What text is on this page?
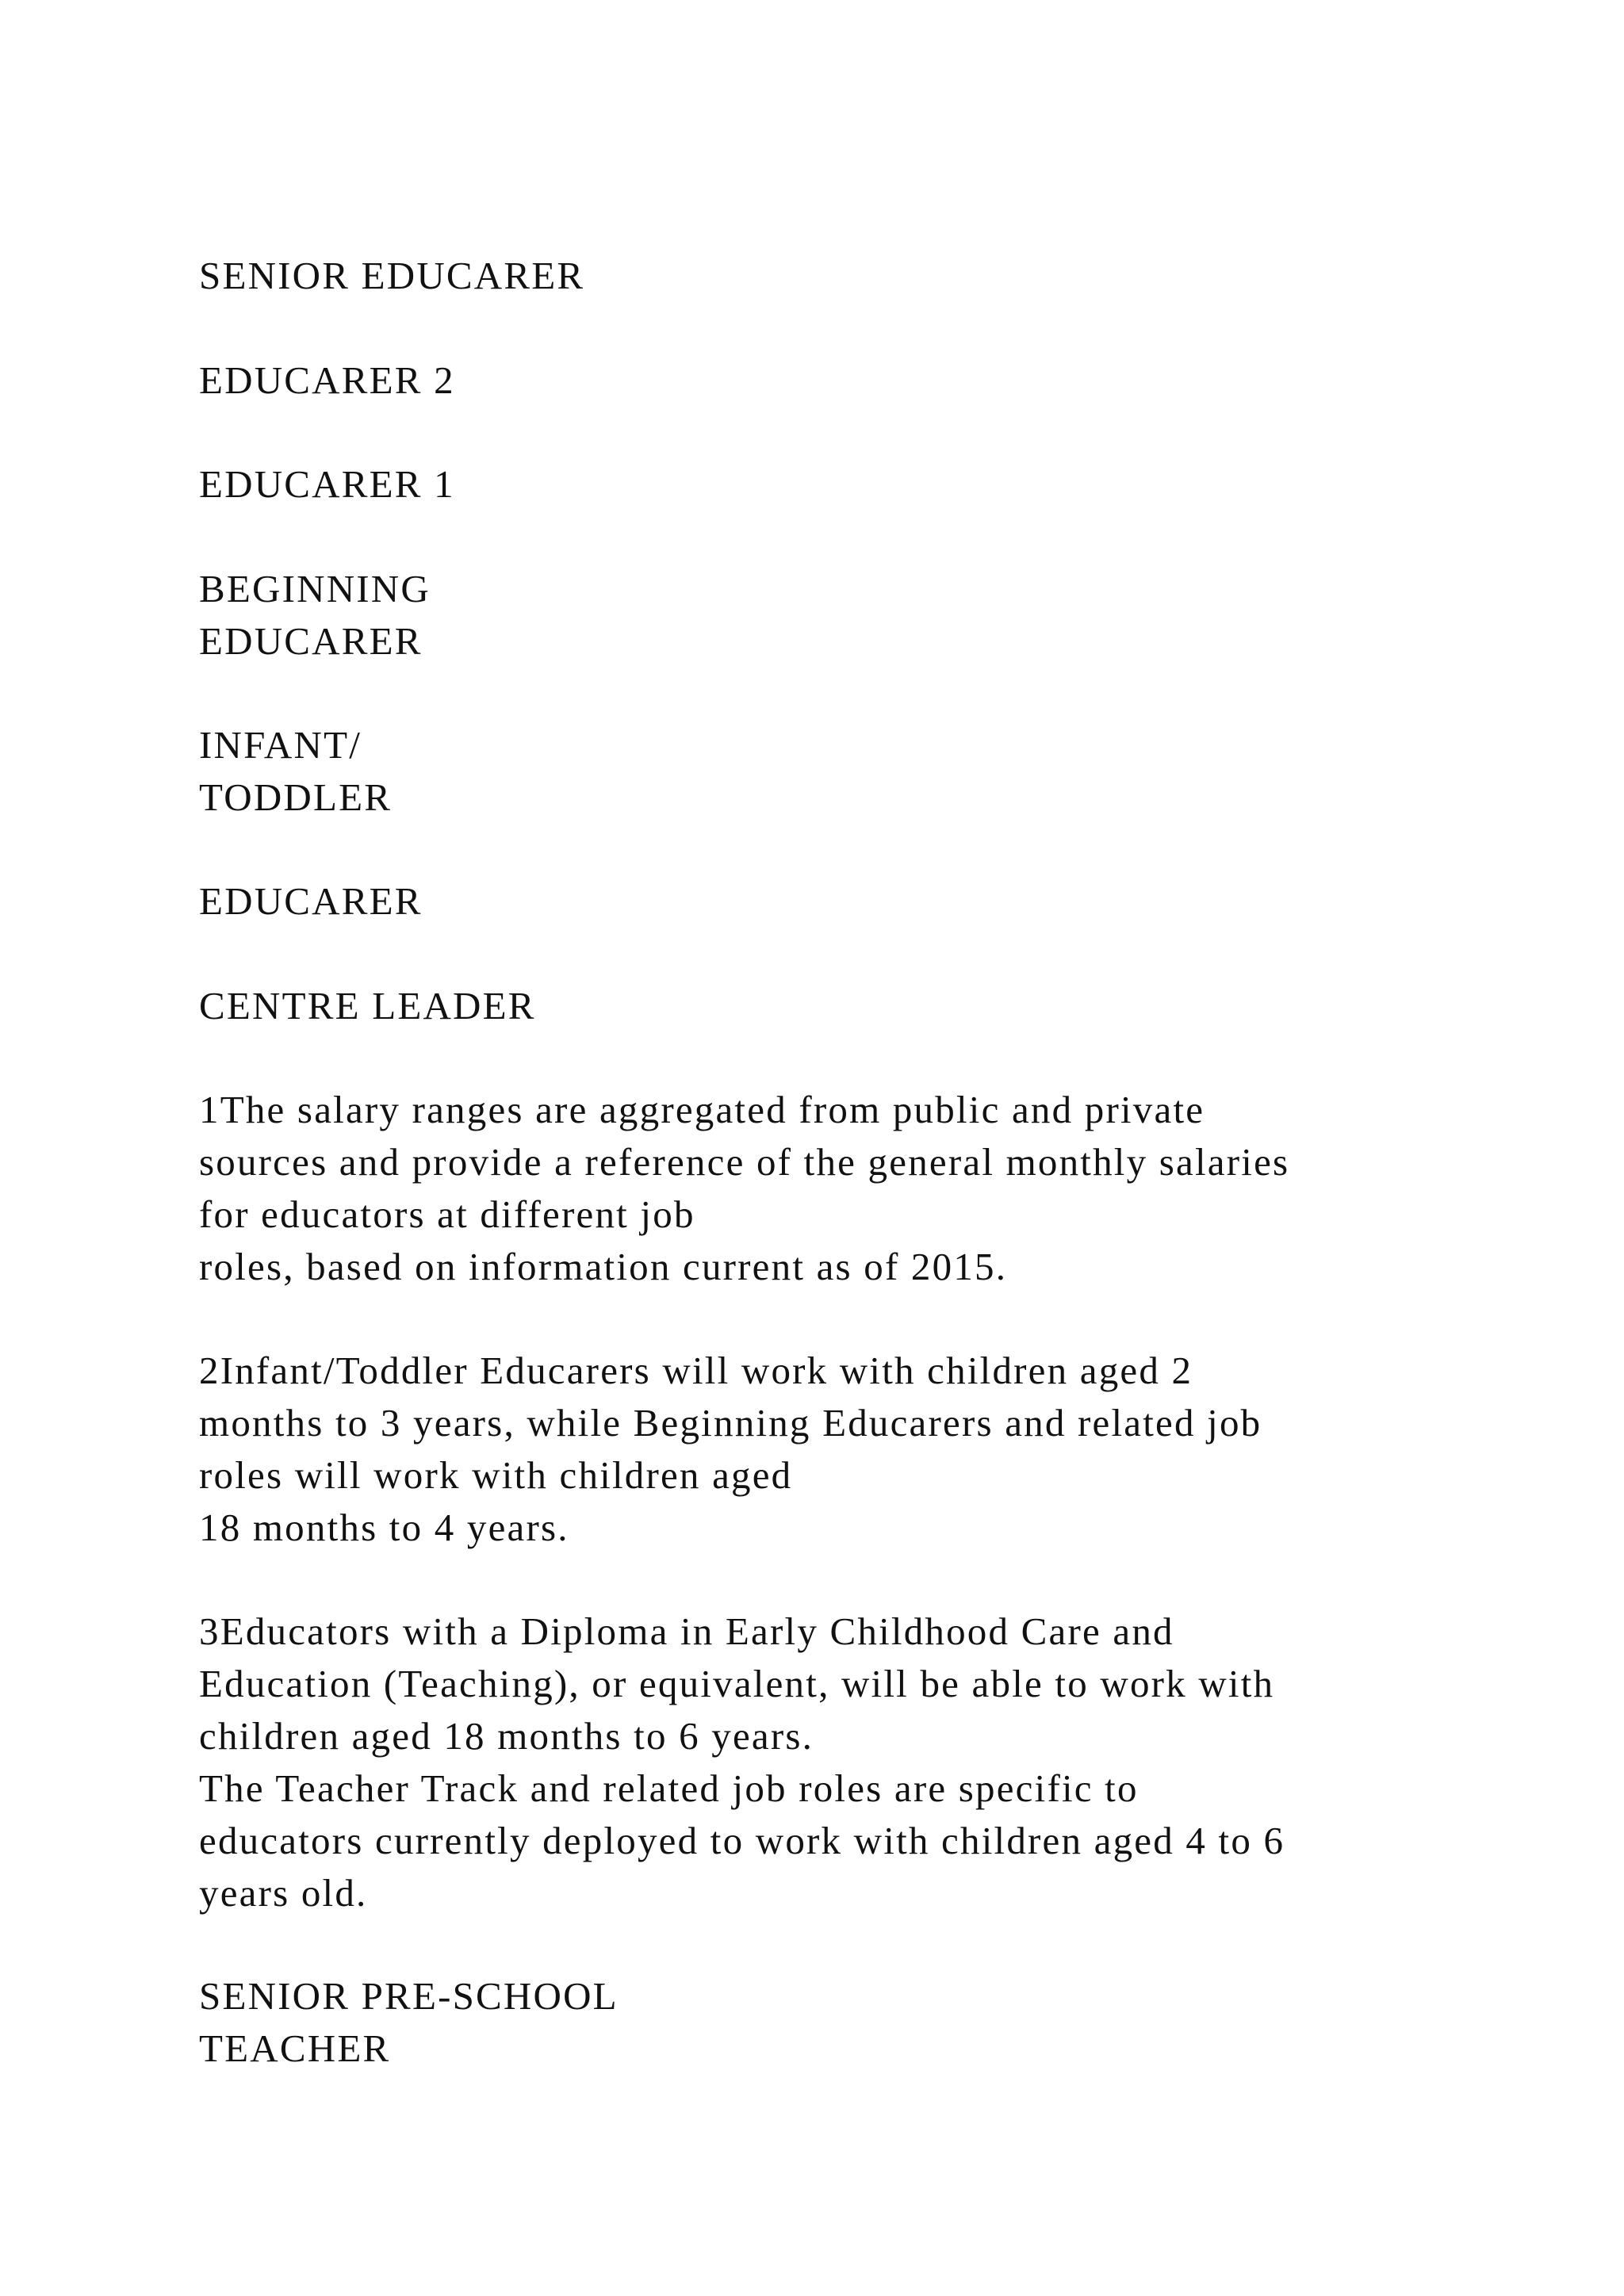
SENIOR EDUCARER

EDUCARER 2

EDUCARER 1

BEGINNING
EDUCARER

INFANT/
TODDLER

EDUCARER

CENTRE LEADER

1The salary ranges are aggregated from public and private
sources and provide a reference of the general monthly salaries
for educators at different job
roles, based on information current as of 2015.

2Infant/Toddler Educarers will work with children aged 2
months to 3 years, while Beginning Educarers and related job
roles will work with children aged
18 months to 4 years.

3Educators with a Diploma in Early Childhood Care and
Education (Teaching), or equivalent, will be able to work with
children aged 18 months to 6 years.
The Teacher Track and related job roles are specific to
educators currently deployed to work with children aged 4 to 6
years old.

SENIOR PRE-SCHOOL
TEACHER
